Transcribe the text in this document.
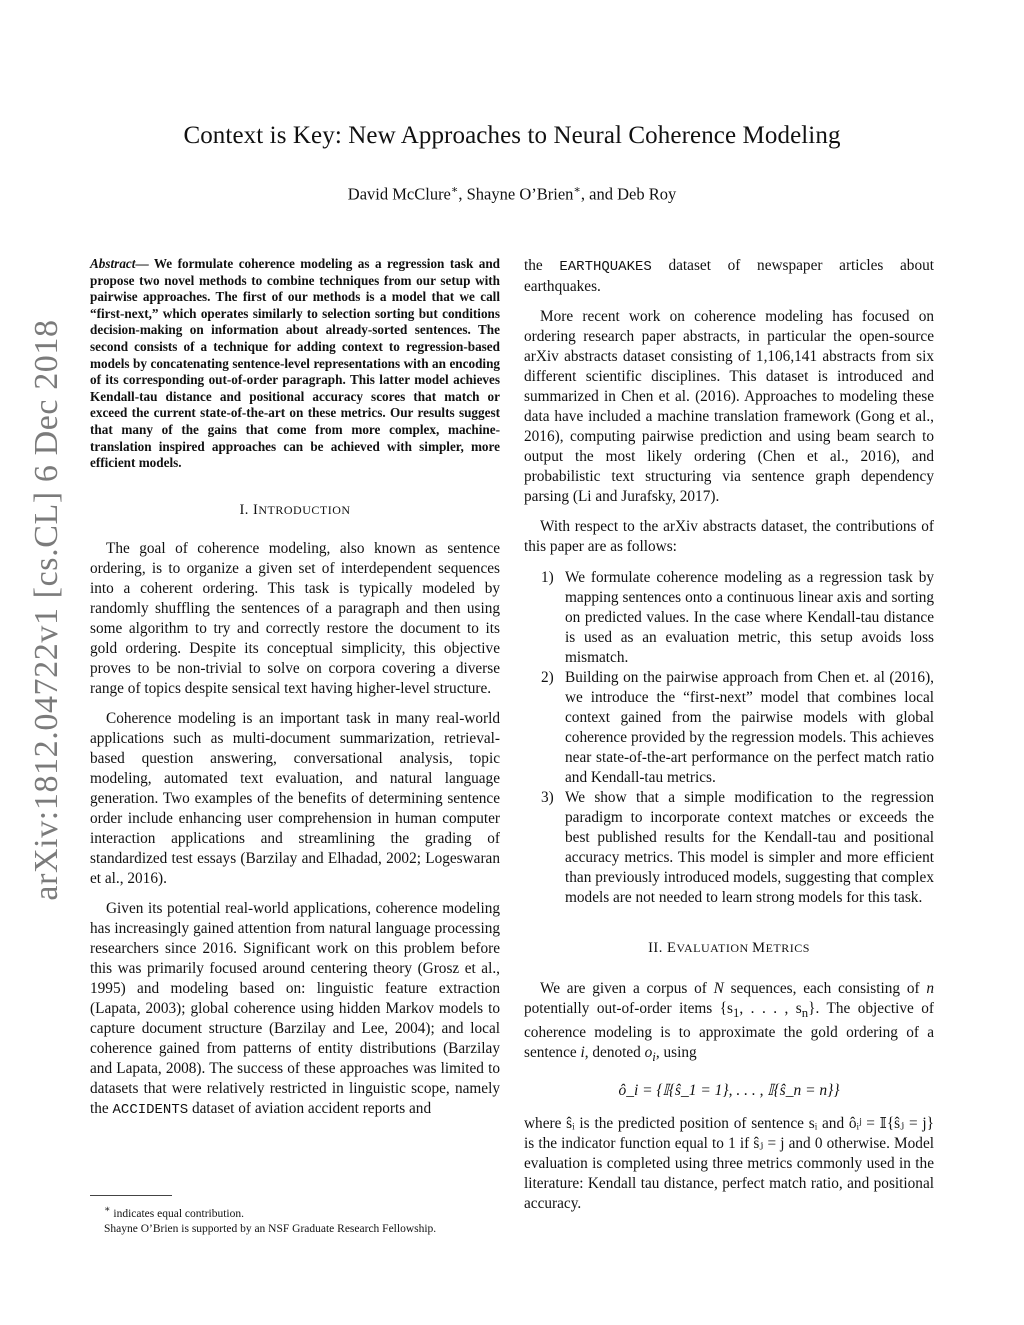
Context is Key: New Approaches to Neural Coherence Modeling
David McClure∗, Shayne O’Brien∗, and Deb Roy
arXiv:1812.04722v1 [cs.CL] 6 Dec 2018

Abstract— We formulate coherence modeling as a regression task and propose two novel methods to combine techniques from our setup with pairwise approaches. The first of our methods is a model that we call “first-next,” which operates similarly to selection sorting but conditions decision-making on information about already-sorted sentences. The second consists of a technique for adding context to regression-based models by concatenating sentence-level representations with an encoding of its corresponding out-of-order paragraph. This latter model achieves Kendall-tau distance and positional accuracy scores that match or exceed the current state-of-the-art on these metrics. Our results suggest that many of the gains that come from more complex, machine-translation inspired approaches can be achieved with simpler, more efficient models.

I. INTRODUCTION

The goal of coherence modeling, also known as sentence ordering, is to organize a given set of interdependent sequences into a coherent ordering. This task is typically modeled by randomly shuffling the sentences of a paragraph and then using some algorithm to try and correctly restore the document to its gold ordering. Despite its conceptual simplicity, this objective proves to be non-trivial to solve on corpora covering a diverse range of topics despite sensical text having higher-level structure.

Coherence modeling is an important task in many real-world applications such as multi-document summarization, retrieval-based question answering, conversational analysis, topic modeling, automated text evaluation, and natural language generation. Two examples of the benefits of determining sentence order include enhancing user comprehension in human computer interaction applications and streamlining the grading of standardized test essays (Barzilay and Elhadad, 2002; Logeswaran et al., 2016).

Given its potential real-world applications, coherence modeling has increasingly gained attention from natural language processing researchers since 2016. Significant work on this problem before this was primarily focused around centering theory (Grosz et al., 1995) and modeling based on: linguistic feature extraction (Lapata, 2003); global coherence using hidden Markov models to capture document structure (Barzilay and Lee, 2004); and local coherence gained from patterns of entity distributions (Barzilay and Lapata, 2008). The success of these approaches was limited to datasets that were relatively restricted in linguistic scope, namely the ACCIDENTS dataset of aviation accident reports and

∗ indicates equal contribution.
Shayne O’Brien is supported by an NSF Graduate Research Fellowship.

the EARTHQUAKES dataset of newspaper articles about earthquakes.

More recent work on coherence modeling has focused on ordering research paper abstracts, in particular the open-source arXiv abstracts dataset consisting of 1,106,141 abstracts from six different scientific disciplines. This dataset is introduced and summarized in Chen et al. (2016). Approaches to modeling these data have included a machine translation framework (Gong et al., 2016), computing pairwise prediction and using beam search to output the most likely ordering (Chen et al., 2016), and probabilistic text structuring via sentence graph dependency parsing (Li and Jurafsky, 2017).

With respect to the arXiv abstracts dataset, the contributions of this paper are as follows:

1) We formulate coherence modeling as a regression task by mapping sentences onto a continuous linear axis and sorting on predicted values. In the case where Kendall-tau distance is used as an evaluation metric, this setup avoids loss mismatch.
2) Building on the pairwise approach from Chen et. al (2016), we introduce the “first-next” model that combines local context gained from the pairwise models with global coherence provided by the regression models. This achieves near state-of-the-art performance on the perfect match ratio and Kendall-tau metrics.
3) We show that a simple modification to the regression paradigm to incorporate context matches or exceeds the best published results for the Kendall-tau and positional accuracy metrics. This model is simpler and more efficient than previously introduced models, suggesting that complex models are not needed to learn strong models for this task.
II. EVALUATION METRICS

We are given a corpus of N sequences, each consisting of n potentially out-of-order items {$s_1$, . . . , $s_n$}. The objective of coherence modeling is to approximate the gold ordering of a sentence i, denoted $o_i$, using

ô_i = {𝕀{ŝ_1 = 1}, . . . , 𝕀{ŝ_n = n}}

where ŝᵢ is the predicted position of sentence sᵢ and ôᵢʲ = 𝕀{ŝⱼ = j} is the indicator function equal to 1 if ŝⱼ = j and 0 otherwise. Model evaluation is completed using three metrics commonly used in the literature: Kendall tau distance, perfect match ratio, and positional accuracy.
